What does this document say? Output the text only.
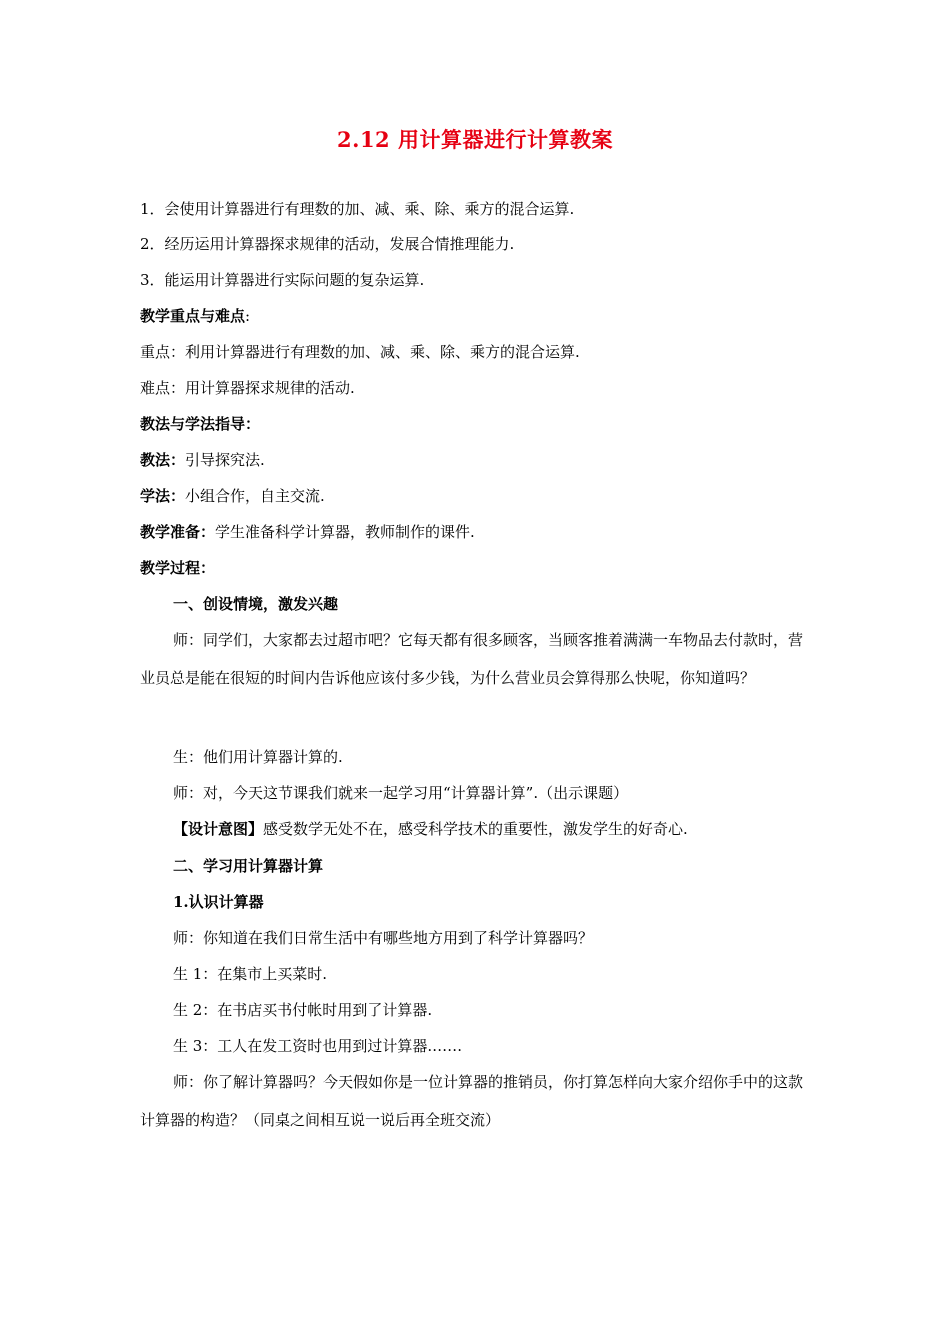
2.12 用计算器进行计算教案
1．会使用计算器进行有理数的加、减、乘、除、乘方的混合运算.
2．经历运用计算器探求规律的活动，发展合情推理能力.
3．能运用计算器进行实际问题的复杂运算.
教学重点与难点:
重点：利用计算器进行有理数的加、减、乘、除、乘方的混合运算.
难点：用计算器探求规律的活动.
教法与学法指导：
教法：引导探究法.
学法：小组合作，自主交流.
教学准备：学生准备科学计算器，教师制作的课件.
教学过程：
一、创设情境，激发兴趣
师：同学们，大家都去过超市吧？它每天都有很多顾客，当顾客推着满满一车物品去付款时，营业员总是能在很短的时间内告诉他应该付多少钱，为什么营业员会算得那么快呢，你知道吗？
生：他们用计算器计算的.
师：对，今天这节课我们就来一起学习用“计算器计算”.（出示课题）
【设计意图】感受数学无处不在，感受科学技术的重要性，激发学生的好奇心.
二、学习用计算器计算
1.认识计算器
师：你知道在我们日常生活中有哪些地方用到了科学计算器吗？
生 1：在集市上买菜时.
生 2：在书店买书付帐时用到了计算器.
生 3：工人在发工资时也用到过计算器.……
师：你了解计算器吗？今天假如你是一位计算器的推销员，你打算怎样向大家介绍你手中的这款计算器的构造？（同桌之间相互说一说后再全班交流）
